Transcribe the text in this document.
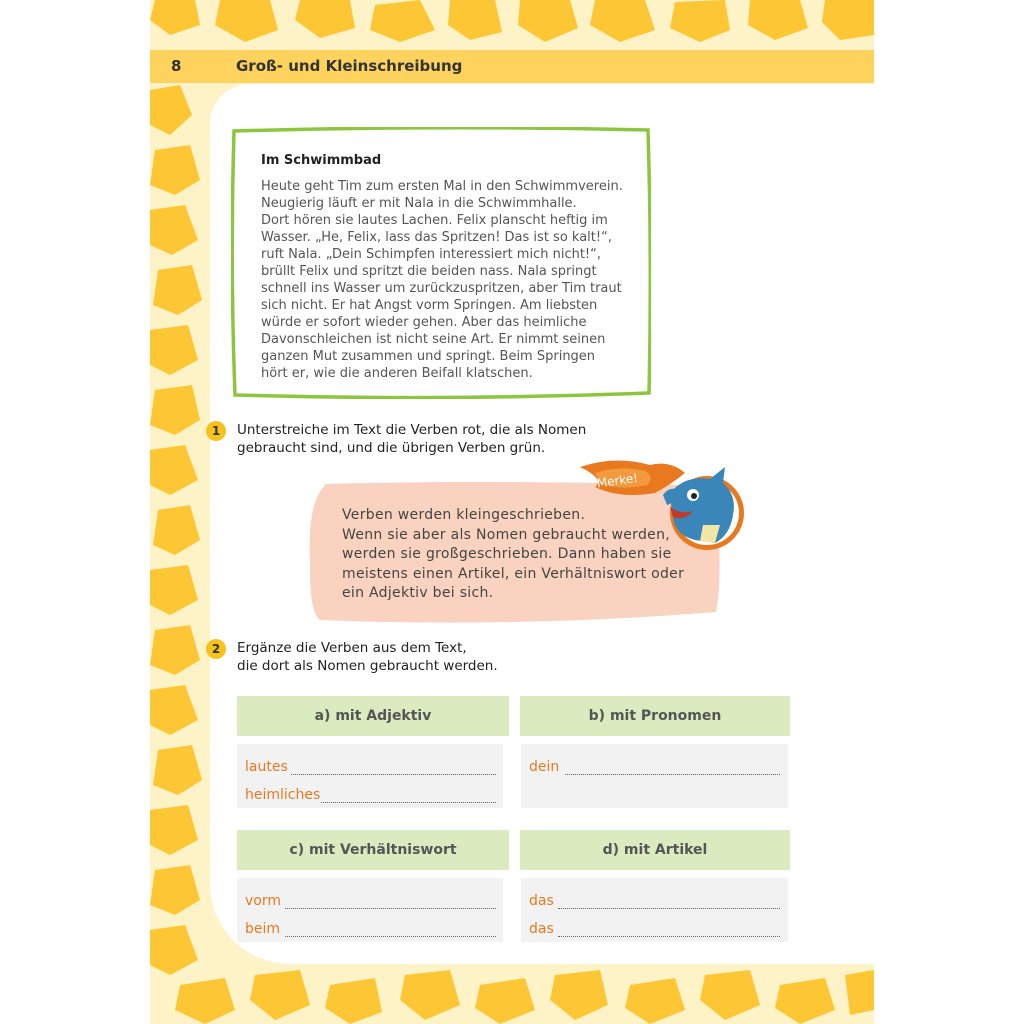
8	Groß- und Kleinschreibung
Im Schwimmbad
Heute geht Tim zum ersten Mal in den Schwimmverein.
Neugierig läuft er mit Nala in die Schwimmhalle.
Dort hören sie lautes Lachen. Felix planscht heftig im
Wasser. „He, Felix, lass das Spritzen! Das ist so kalt!“,
ruft Nala. „Dein Schimpfen interessiert mich nicht!“,
brüllt Felix und spritzt die beiden nass. Nala springt
schnell ins Wasser um zurückzuspritzen, aber Tim traut
sich nicht. Er hat Angst vorm Springen. Am liebsten
würde er sofort wieder gehen. Aber das heimliche
Davonschleichen ist nicht seine Art. Er nimmt seinen
ganzen Mut zusammen und springt. Beim Springen
hört er, wie die anderen Beifall klatschen.
1	Unterstreiche im Text die Verben rot, die als Nomen
gebraucht sind, und die übrigen Verben grün.
Verben werden kleingeschrieben.
Wenn sie aber als Nomen gebraucht werden,
werden sie großgeschrieben. Dann haben sie
meistens einen Artikel, ein Verhältniswort oder
ein Adjektiv bei sich.
Merke!
2	Ergänze die Verben aus dem Text,
die dort als Nomen gebraucht werden.
a) mit Adjektiv
lautes
heimliches
b) mit Pronomen
dein
c) mit Verhältniswort
vorm
beim
d) mit Artikel
das
das
